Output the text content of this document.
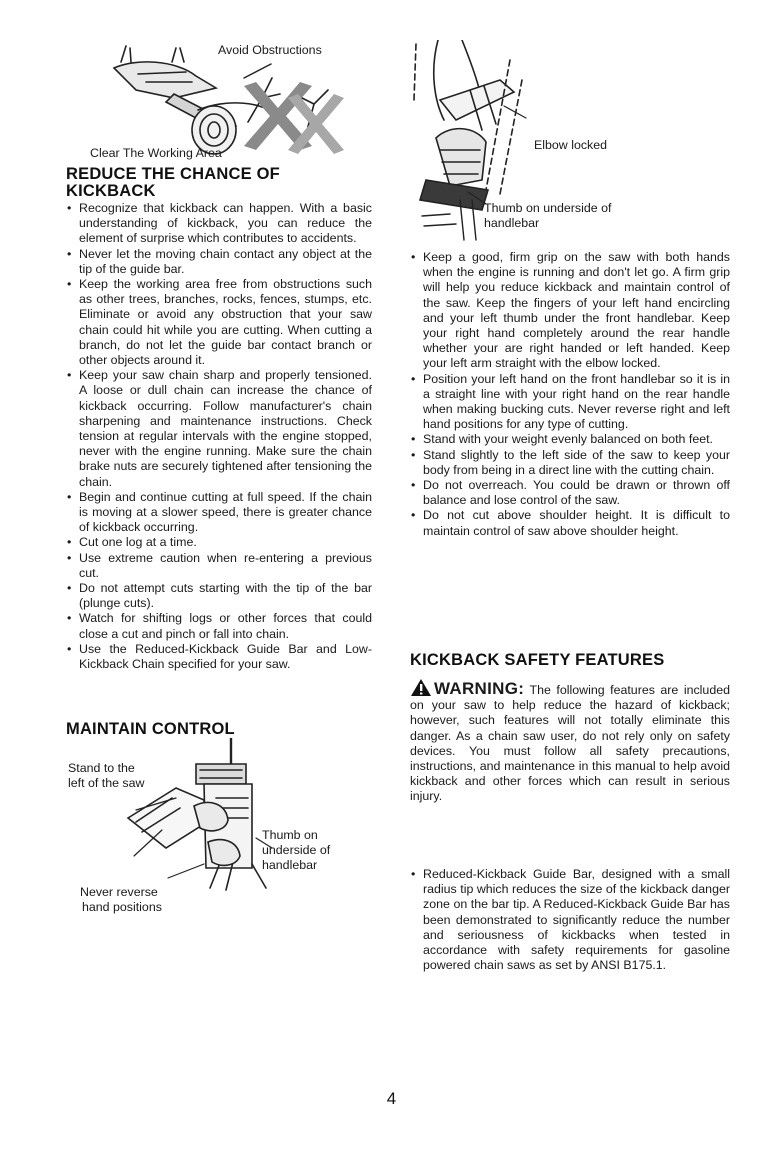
Avoid Obstructions

Clear The Working Area

REDUCE THE CHANCE OF
KICKBACK
• Recognize that kickback can happen. With a basic understanding of kickback, you can reduce the element of surprise which contributes to accidents.
• Never let the moving chain contact any object at the tip of the guide bar.
• Keep the working area free from obstructions such as other trees, branches, rocks, fences, stumps, etc. Eliminate or avoid any obstruction that your saw chain could hit while you are cutting. When cutting a branch, do not let the guide bar contact branch or other objects around it.
• Keep your saw chain sharp and properly tensioned. A loose or dull chain can increase the chance of kickback occurring. Follow manufacturer's chain sharpening and maintenance instructions. Check tension at regular intervals with the engine stopped, never with the engine running. Make sure the chain brake nuts are securely tightened after tensioning the chain.
• Begin and continue cutting at full speed. If the chain is moving at a slower speed, there is greater chance of kickback occurring.
• Cut one log at a time.
• Use extreme caution when re-entering a previous cut.
• Do not attempt cuts starting with the tip of the bar (plunge cuts).
• Watch for shifting logs or other forces that could close a cut and pinch or fall into chain.
• Use the Reduced-Kickback Guide Bar and Low-Kickback Chain specified for your saw.
MAINTAIN CONTROL

Stand to the

left of the saw

Thumb on

underside of

handlebar

Never reverse

hand positions

Elbow locked

Thumb on underside of

handlebar

• Keep a good, firm grip on the saw with both hands when the engine is running and don't let go. A firm grip will help you reduce kickback and maintain control of the saw. Keep the fingers of your left hand encircling and your left thumb under the front handlebar. Keep your right hand completely around the rear handle whether your are right handed or left handed. Keep your left arm straight with the elbow locked.
• Position your left hand on the front handlebar so it is in a straight line with your right hand on the rear handle when making bucking cuts. Never reverse right and left hand positions for any type of cutting.
• Stand with your weight evenly balanced on both feet.
• Stand slightly to the left side of the saw to keep your body from being in a direct line with the cutting chain.
• Do not overreach. You could be drawn or thrown off balance and lose control of the saw.
• Do not cut above shoulder height. It is difficult to maintain control of saw above shoulder height.
KICKBACK SAFETY FEATURES

WARNING: The following features are included on your saw to help reduce the hazard of kickback; however, such features will not totally eliminate this danger. As a chain saw user, do not rely only on safety devices. You must follow all safety precautions, instructions, and maintenance in this manual to help avoid kickback and other forces which can result in serious injury.

• Reduced-Kickback Guide Bar, designed with a small radius tip which reduces the size of the kickback danger zone on the bar tip. A Reduced-Kickback Guide Bar has been demonstrated to significantly reduce the number and seriousness of kickbacks when tested in accordance with safety requirements for gasoline powered chain saws as set by ANSI B175.1.
4
